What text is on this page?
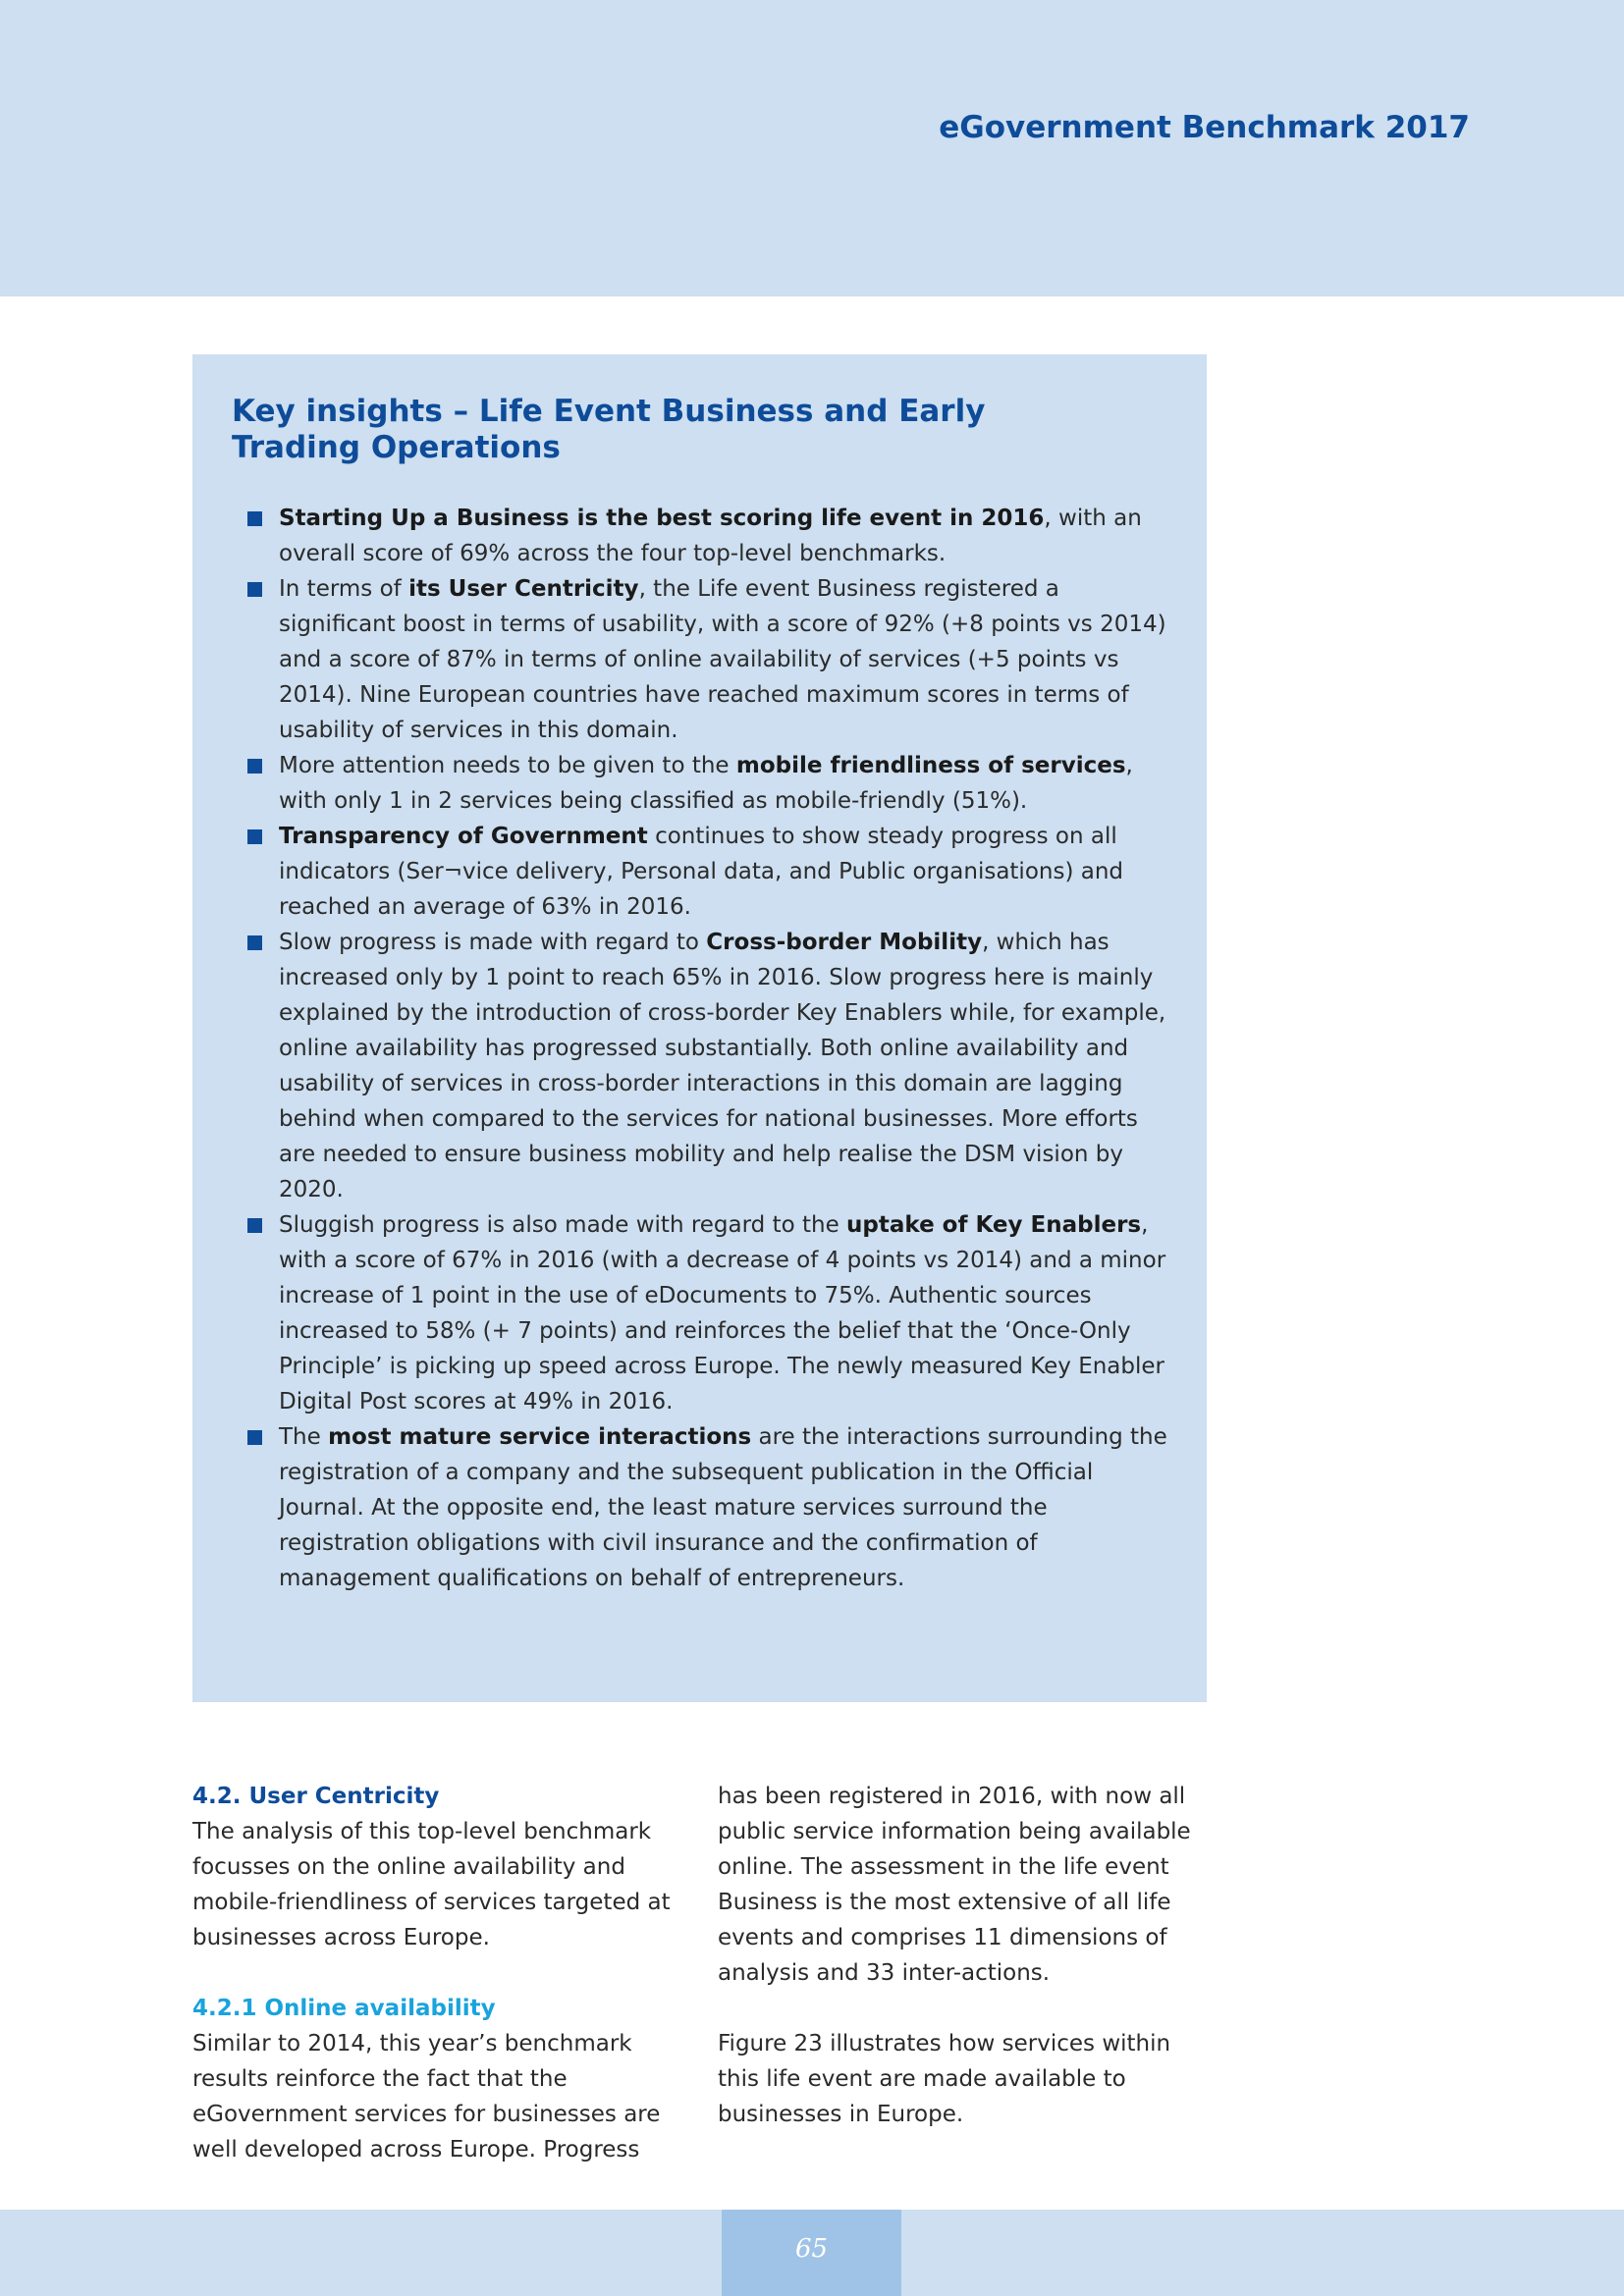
eGovernment Benchmark 2017
Key insights – Life Event Business and Early Trading Operations
Starting Up a Business is the best scoring life event in 2016, with an overall score of 69% across the four top-level benchmarks.
In terms of its User Centricity, the Life event Business registered a significant boost in terms of usability, with a score of 92% (+8 points vs 2014) and a score of 87% in terms of online availability of services (+5 points vs 2014). Nine European countries have reached maximum scores in terms of usability of services in this domain.
More attention needs to be given to the mobile friendliness of services, with only 1 in 2 services being classified as mobile-friendly (51%).
Transparency of Government continues to show steady progress on all indicators (Ser¬vice delivery, Personal data, and Public organisations) and reached an average of 63% in 2016.
Slow progress is made with regard to Cross-border Mobility, which has increased only by 1 point to reach 65% in 2016. Slow progress here is mainly explained by the introduction of cross-border Key Enablers while, for example, online availability has progressed substantially. Both online availability and usability of services in cross-border interactions in this domain are lagging behind when compared to the services for national businesses. More efforts are needed to ensure business mobility and help realise the DSM vision by 2020.
Sluggish progress is also made with regard to the uptake of Key Enablers, with a score of 67% in 2016 (with a decrease of 4 points vs 2014) and a minor increase of 1 point in the use of eDocuments to 75%. Authentic sources increased to 58% (+ 7 points) and reinforces the belief that the ‘Once-Only Principle’ is picking up speed across Europe. The newly measured Key Enabler Digital Post scores at 49% in 2016.
The most mature service interactions are the interactions surrounding the registration of a company and the subsequent publication in the Official Journal. At the opposite end, the least mature services surround the registration obligations with civil insurance and the confirmation of management qualifications on behalf of entrepreneurs.

4.2. User Centricity

The analysis of this top-level benchmark focusses on the online availability and mobile-friendliness of services targeted at businesses across Europe.

4.2.1 Online availability

Similar to 2014, this year’s benchmark results reinforce the fact that the eGovernment services for businesses are well developed across Europe. Progress

has been registered in 2016, with now all public service information being available online. The assessment in the life event Business is the most extensive of all life events and comprises 11 dimensions of analysis and 33 inter-actions.

Figure 23 illustrates how services within this life event are made available to businesses in Europe.

65
